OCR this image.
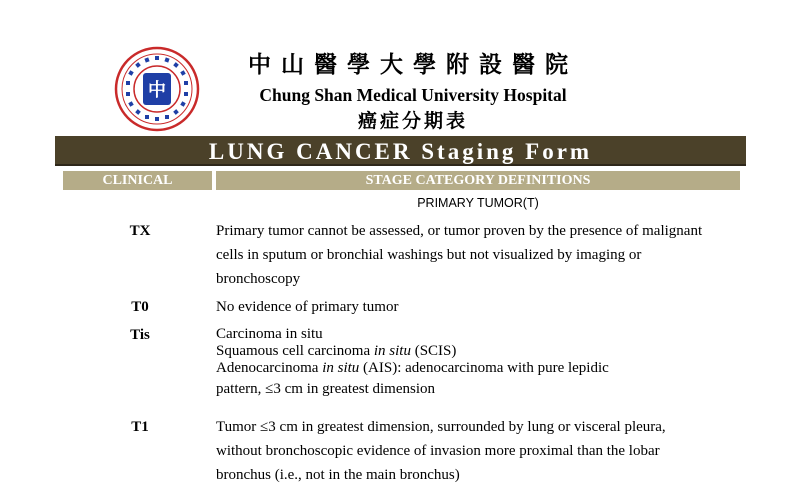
中
中山醫學大學附設醫院
Chung Shan Medical University Hospital
癌症分期表
LUNG CANCER Staging Form
CLINICAL	STAGE CATEGORY DEFINITIONS
PRIMARY TUMOR(T)
TX	Primary tumor cannot be assessed, or tumor proven by the presence of malignant
cells in sputum or bronchial washings but not visualized by imaging or
bronchoscopy
T0	No evidence of primary tumor
Tis	Carcinoma in situ
Squamous cell carcinoma in situ (SCIS)
Adenocarcinoma in situ (AIS): adenocarcinoma with pure lepidic
pattern, ≤3 cm in greatest dimension
T1	Tumor ≤3 cm in greatest dimension, surrounded by lung or visceral pleura,
without bronchoscopic evidence of invasion more proximal than the lobar
bronchus (i.e., not in the main bronchus)
